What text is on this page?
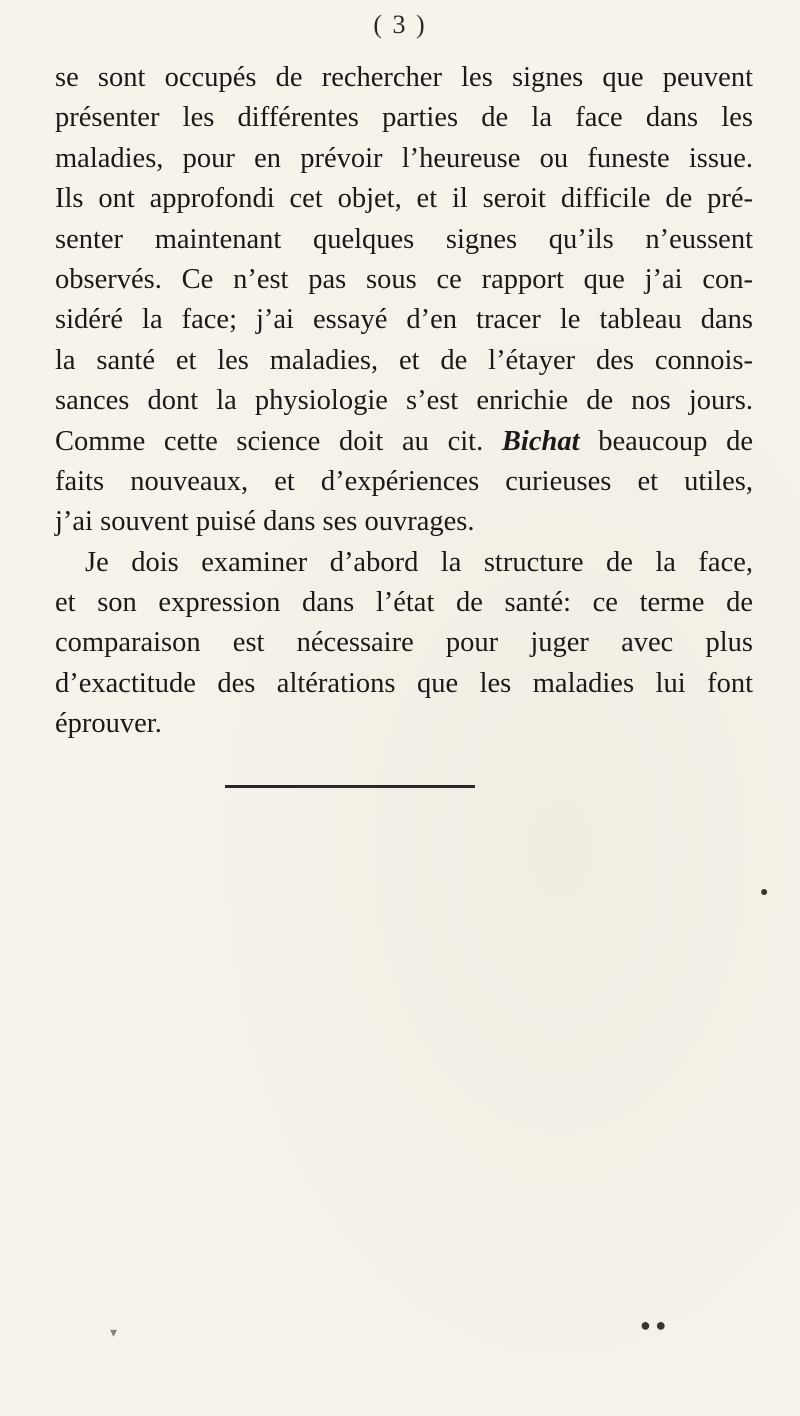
( 3 )
se sont occupés de rechercher les signes que peuvent
présenter les différentes parties de la face dans les
maladies, pour en prévoir l’heureuse ou funeste issue.
Ils ont approfondi cet objet, et il seroit difficile de pré-
senter maintenant quelques signes qu’ils n’eussent
observés. Ce n’est pas sous ce rapport que j’ai con-
sidéré la face; j’ai essayé d’en tracer le tableau dans
la santé et les maladies, et de l’étayer des connois-
sances dont la physiologie s’est enrichie de nos jours.
Comme cette science doit au cit. Bichat beaucoup de
faits nouveaux, et d’expériences curieuses et utiles,
j’ai souvent puisé dans ses ouvrages.
Je dois examiner d’abord la structure de la face,
et son expression dans l’état de santé: ce terme de
comparaison est nécessaire pour juger avec plus
d’exactitude des altérations que les maladies lui font
éprouver.
● ●
●
▾
